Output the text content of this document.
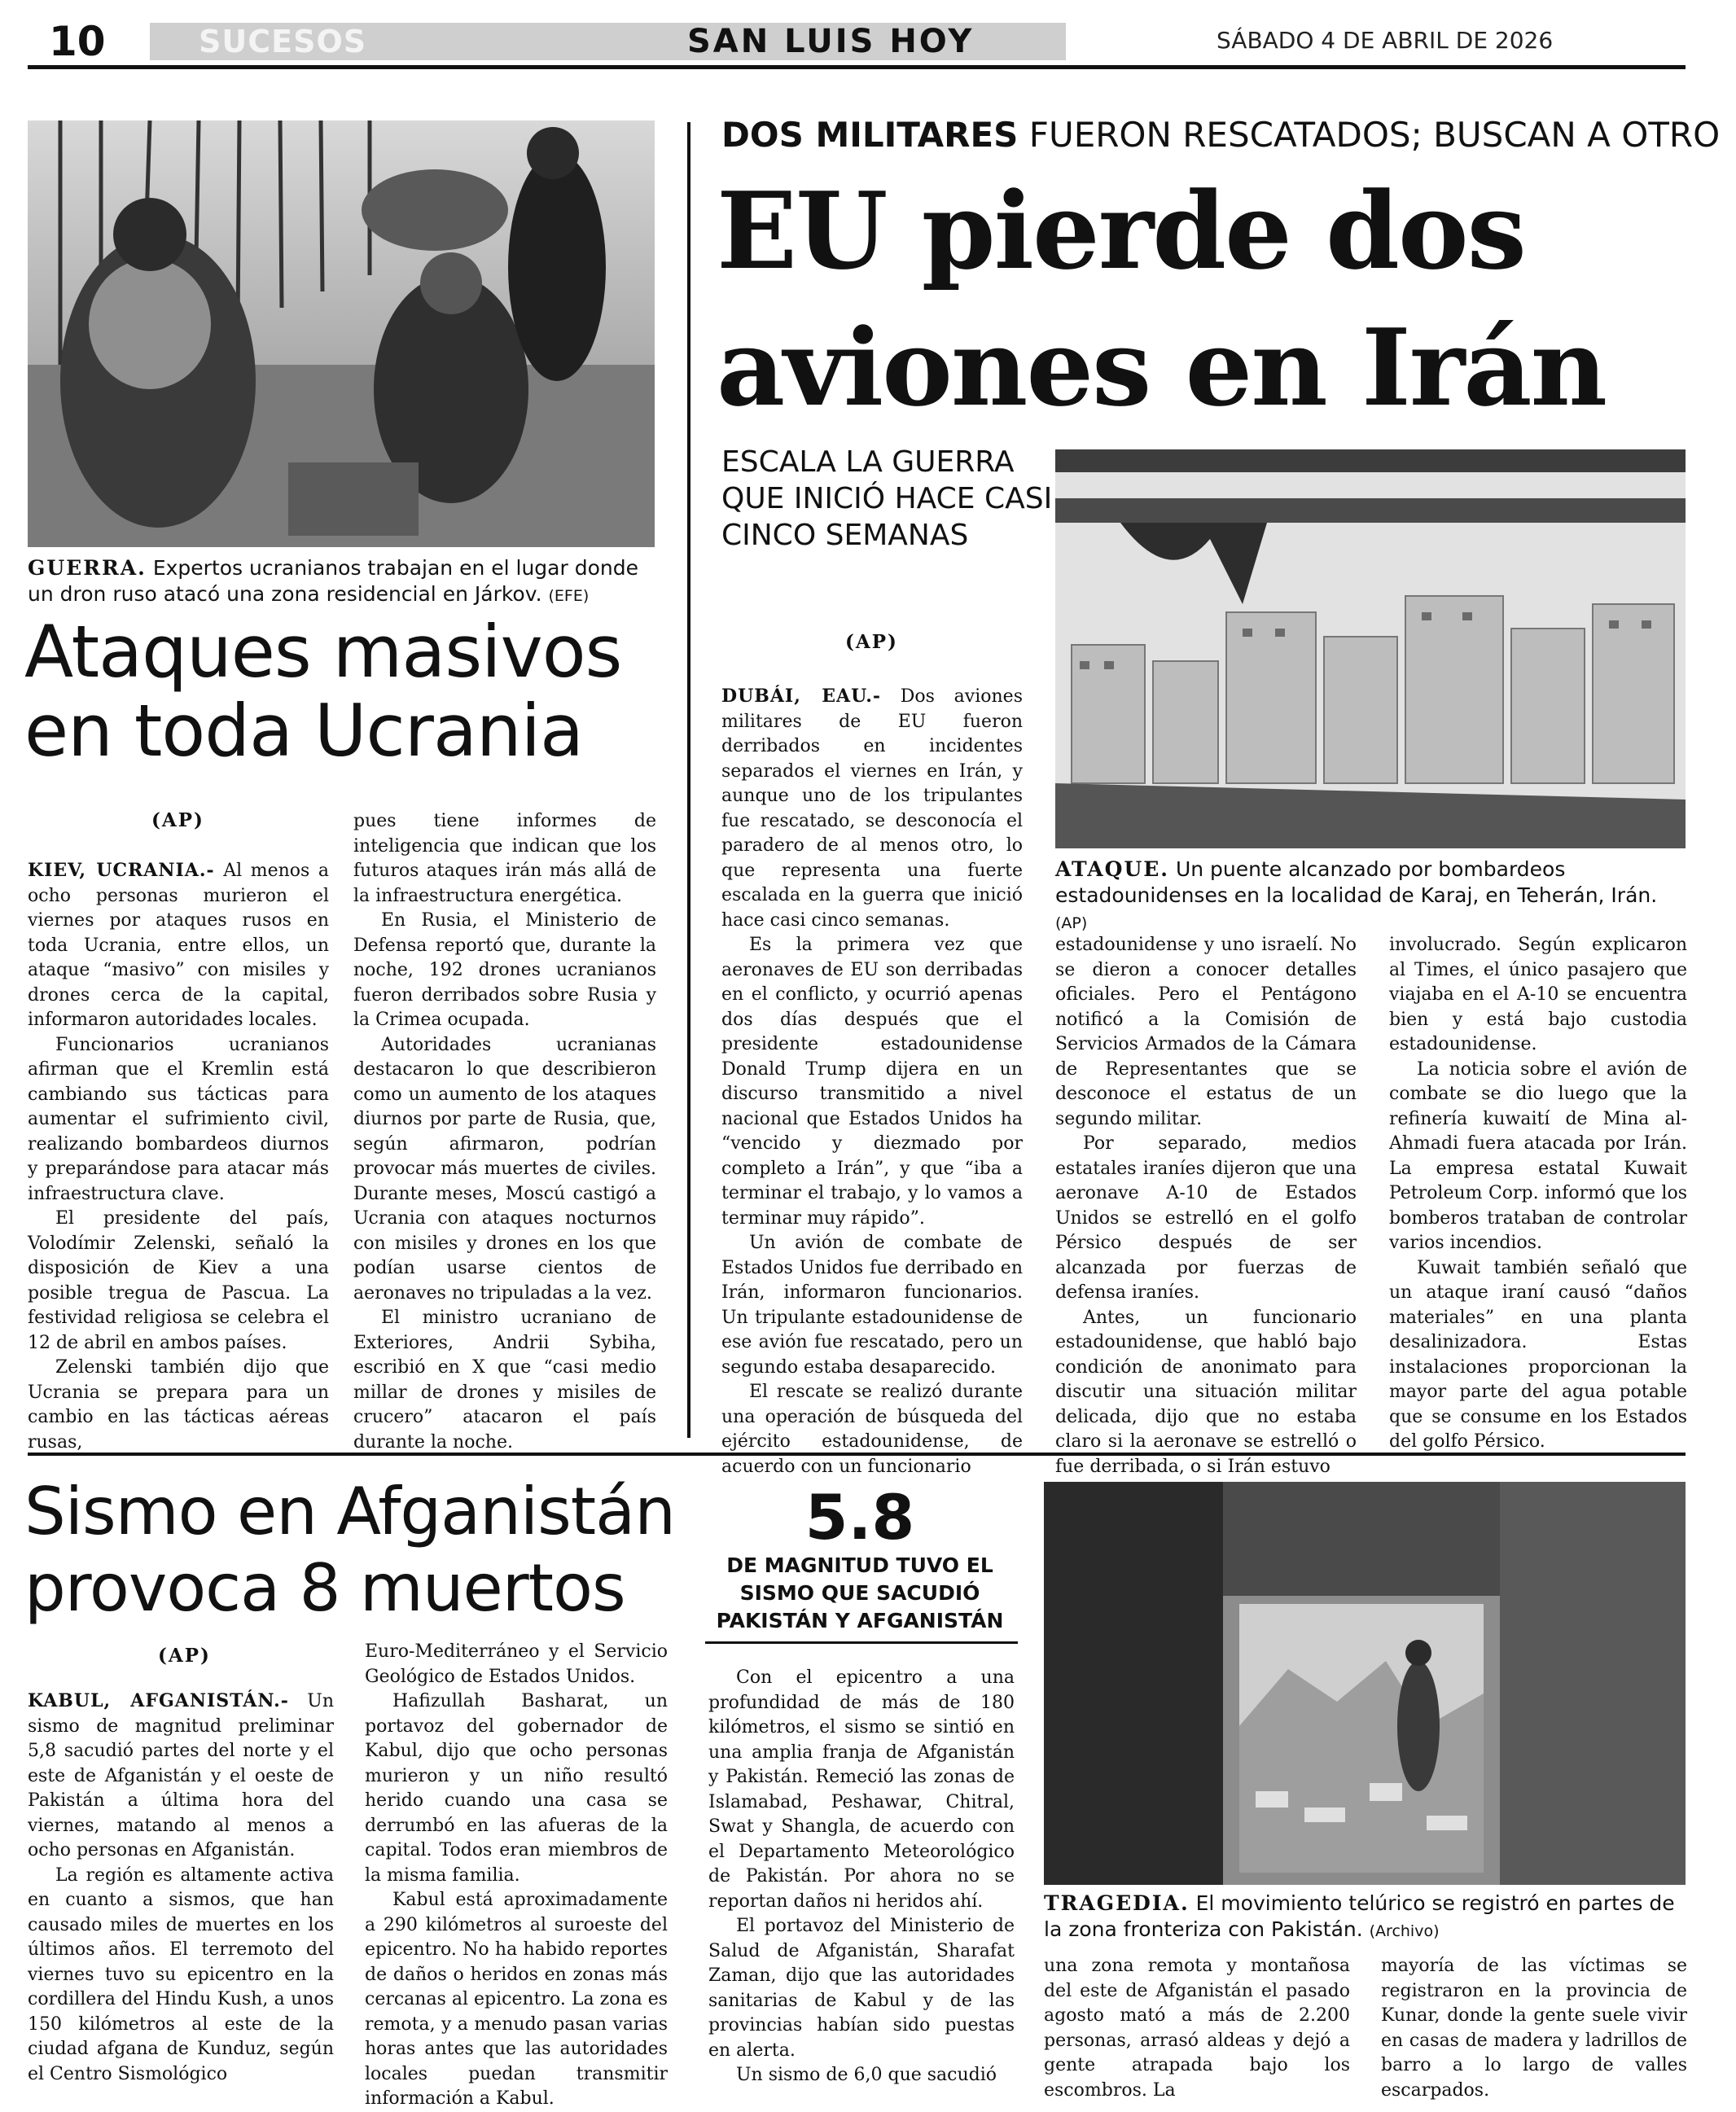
SUCESOS	SAN LUIS HOY
10	SÁBADO 4 DE ABRIL DE 2026
GUERRA. Expertos ucranianos trabajan en el lugar donde un dron ruso atacó una zona residencial en Járkov. (EFE)
Ataques masivos en toda Ucrania
(AP)

KIEV, UCRANIA.- Al menos a ocho personas murieron el viernes por ataques rusos en toda Ucrania, entre ellos, un ataque “masivo” con misiles y drones cerca de la capital, informaron autoridades locales.

Funcionarios ucranianos afirman que el Kremlin está cambiando sus tácticas para aumentar el sufrimiento civil, realizando bombardeos diurnos y preparándose para atacar más infraestructura clave.

El presidente del país, Volodímir Zelenski, señaló la disposición de Kiev a una posible tregua de Pascua. La festividad religiosa se celebra el 12 de abril en ambos países.

Zelenski también dijo que Ucrania se prepara para un cambio en las tácticas aéreas rusas,

pues tiene informes de inteligencia que indican que los futuros ataques irán más allá de la infraestructura energética.

En Rusia, el Ministerio de Defensa reportó que, durante la noche, 192 drones ucranianos fueron derribados sobre Rusia y la Crimea ocupada.

Autoridades ucranianas destacaron lo que describieron como un aumento de los ataques diurnos por parte de Rusia, que, según afirmaron, podrían provocar más muertes de civiles. Durante meses, Moscú castigó a Ucrania con ataques nocturnos con misiles y drones en los que podían usarse cientos de aeronaves no tripuladas a la vez.

El ministro ucraniano de Exteriores, Andrii Sybiha, escribió en X que “casi medio millar de drones y misiles de crucero” atacaron el país durante la noche.

DOS MILITARES FUERON RESCATADOS; BUSCAN A OTRO
EU pierde dos aviones en Irán
ESCALA LA GUERRA QUE INICIÓ HACE CASI CINCO SEMANAS
(AP)
ATAQUE. Un puente alcanzado por bombardeos estadounidenses en la localidad de Karaj, en Teherán, Irán. (AP)

DUBÁI, EAU.- Dos aviones militares de EU fueron derribados en incidentes separados el viernes en Irán, y aunque uno de los tripulantes fue rescatado, se desconocía el paradero de al menos otro, lo que representa una fuerte escalada en la guerra que inició hace casi cinco semanas.

Es la primera vez que aeronaves de EU son derribadas en el conflicto, y ocurrió apenas dos días después que el presidente estadounidense Donald Trump dijera en un discurso transmitido a nivel nacional que Estados Unidos ha “vencido y diezmado por completo a Irán”, y que “iba a terminar el trabajo, y lo vamos a terminar muy rápido”.

Un avión de combate de Estados Unidos fue derribado en Irán, informaron funcionarios. Un tripulante estadounidense de ese avión fue rescatado, pero un segundo estaba desaparecido.

El rescate se realizó durante una operación de búsqueda del ejército estadounidense, de acuerdo con un funcionario

estadounidense y uno israelí. No se dieron a conocer detalles oficiales. Pero el Pentágono notificó a la Comisión de Servicios Armados de la Cámara de Representantes que se desconoce el estatus de un segundo militar.

Por separado, medios estatales iraníes dijeron que una aeronave A-10 de Estados Unidos se estrelló en el golfo Pérsico después de ser alcanzada por fuerzas de defensa iraníes.

Antes, un funcionario estadounidense, que habló bajo condición de anonimato para discutir una situación militar delicada, dijo que no estaba claro si la aeronave se estrelló o fue derribada, o si Irán estuvo

involucrado. Según explicaron al Times, el único pasajero que viajaba en el A-10 se encuentra bien y está bajo custodia estadounidense.

La noticia sobre el avión de combate se dio luego que la refinería kuwaití de Mina al-Ahmadi fuera atacada por Irán. La empresa estatal Kuwait Petroleum Corp. informó que los bomberos trataban de controlar varios incendios.

Kuwait también señaló que un ataque iraní causó “daños materiales” en una planta desalinizadora. Estas instalaciones proporcionan la mayor parte del agua potable que se consume en los Estados del golfo Pérsico.

Sismo en Afganistán provoca 8 muertos
(AP)

KABUL, AFGANISTÁN.- Un sismo de magnitud preliminar 5,8 sacudió partes del norte y el este de Afganistán y el oeste de Pakistán a última hora del viernes, matando al menos a ocho personas en Afganistán.

La región es altamente activa en cuanto a sismos, que han causado miles de muertes en los últimos años. El terremoto del viernes tuvo su epicentro en la cordillera del Hindu Kush, a unos 150 kilómetros al este de la ciudad afgana de Kunduz, según el Centro Sismológico

Euro-Mediterráneo y el Servicio Geológico de Estados Unidos.

Hafizullah Basharat, un portavoz del gobernador de Kabul, dijo que ocho personas murieron y un niño resultó herido cuando una casa se derrumbó en las afueras de la capital. Todos eran miembros de la misma familia.

Kabul está aproximadamente a 290 kilómetros al suroeste del epicentro. No ha habido reportes de daños o heridos en zonas más cercanas al epicentro. La zona es remota, y a menudo pasan varias horas antes que las autoridades locales puedan transmitir información a Kabul.

5.8
DE MAGNITUD TUVO EL SISMO QUE SACUDIÓ PAKISTÁN Y AFGANISTÁN

Con el epicentro a una profundidad de más de 180 kilómetros, el sismo se sintió en una amplia franja de Afganistán y Pakistán. Remeció las zonas de Islamabad, Peshawar, Chitral, Swat y Shangla, de acuerdo con el Departamento Meteorológico de Pakistán. Por ahora no se reportan daños ni heridos ahí.

El portavoz del Ministerio de Salud de Afganistán, Sharafat Zaman, dijo que las autoridades sanitarias de Kabul y de las provincias habían sido puestas en alerta.

Un sismo de 6,0 que sacudió

TRAGEDIA. El movimiento telúrico se registró en partes de la zona fronteriza con Pakistán. (Archivo)

una zona remota y montañosa del este de Afganistán el pasado agosto mató a más de 2.200 personas, arrasó aldeas y dejó a gente atrapada bajo los escombros. La

mayoría de las víctimas se registraron en la provincia de Kunar, donde la gente suele vivir en casas de madera y ladrillos de barro a lo largo de valles escarpados.
